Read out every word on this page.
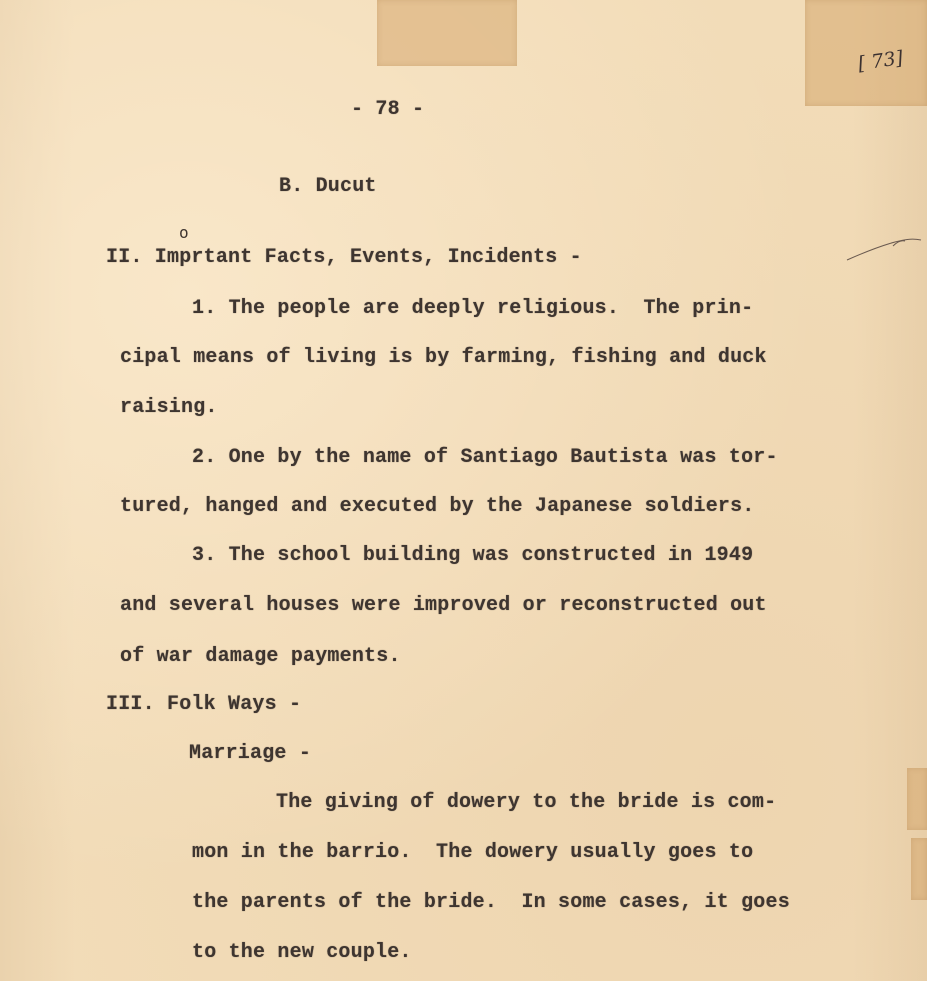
[ 73]
- 78 -
B. Ducut
o
II. Imprtant Facts, Events, Incidents -
1. The people are deeply religious.  The prin-
cipal means of living is by farming, fishing and duck
raising.
2. One by the name of Santiago Bautista was tor-
tured, hanged and executed by the Japanese soldiers.
3. The school building was constructed in 1949
and several houses were improved or reconstructed out
of war damage payments.
III. Folk Ways -
Marriage -
The giving of dowery to the bride is com-
mon in the barrio.  The dowery usually goes to
the parents of the bride.  In some cases, it goes
to the new couple.
